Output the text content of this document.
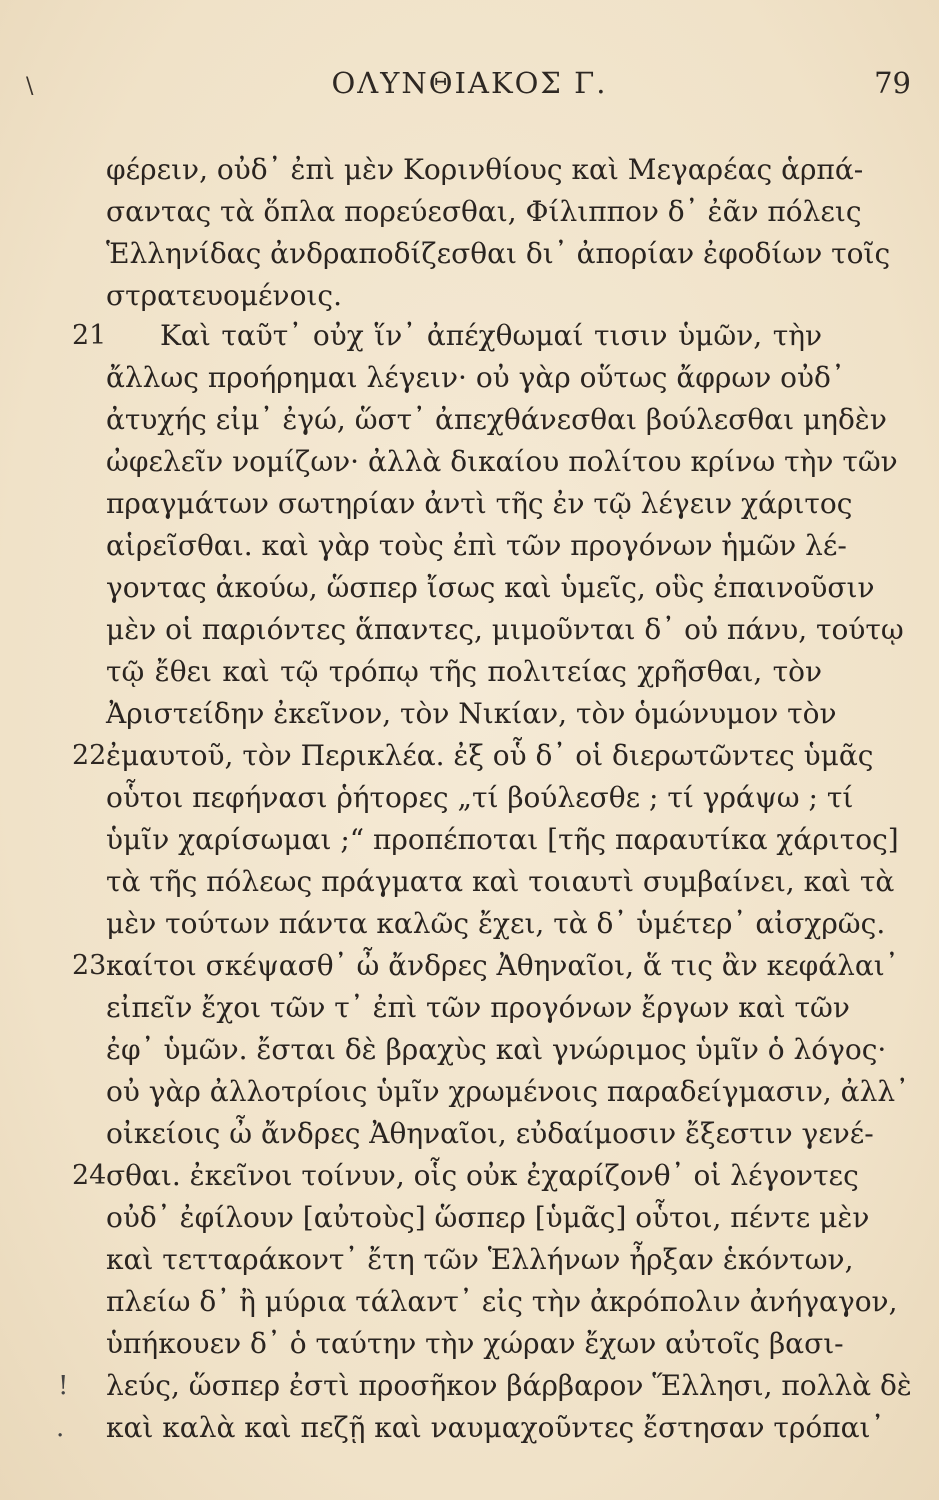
\	ΟΛΥΝΘΙΑΚΟΣ Γ.	79
φέρειν, οὐδ᾽ ἐπὶ μὲν Κορινθίους καὶ Μεγαρέας ἁρπά-
σαντας τὰ ὅπλα πορεύεσθαι, Φίλιππον δ᾽ ἐᾶν πόλεις
Ἑλληνίδας ἀνδραποδίζεσθαι δι᾽ ἀπορίαν ἐφοδίων τοῖς
στρατευομένοις.
21 Καὶ ταῦτ᾽ οὐχ ἵν᾽ ἀπέχθωμαί τισιν ὑμῶν, τὴν
ἄλλως προήρημαι λέγειν· οὐ γὰρ οὕτως ἄφρων οὐδ᾽
ἀτυχής εἰμ᾽ ἐγώ, ὥστ᾽ ἀπεχθάνεσθαι βούλεσθαι μηδὲν
ὠφελεῖν νομίζων· ἀλλὰ δικαίου πολίτου κρίνω τὴν τῶν
πραγμάτων σωτηρίαν ἀντὶ τῆς ἐν τῷ λέγειν χάριτος
αἱρεῖσθαι. καὶ γὰρ τοὺς ἐπὶ τῶν προγόνων ἡμῶν λέ-
γοντας ἀκούω, ὥσπερ ἴσως καὶ ὑμεῖς, οὓς ἐπαινοῦσιν
μὲν οἱ παριόντες ἅπαντες, μιμοῦνται δ᾽ οὐ πάνυ, τούτῳ
τῷ ἔθει καὶ τῷ τρόπῳ τῆς πολιτείας χρῆσθαι, τὸν
Ἀριστείδην ἐκεῖνον, τὸν Νικίαν, τὸν ὁμώνυμον τὸν
22 ἐμαυτοῦ, τὸν Περικλέα. ἐξ οὗ δ᾽ οἱ διερωτῶντες ὑμᾶς
οὗτοι πεφήνασι ῥήτορες „τί βούλεσθε ; τί γράψω ; τί
ὑμῖν χαρίσωμαι ;“ προπέποται [τῆς παραυτίκα χάριτος]
τὰ τῆς πόλεως πράγματα καὶ τοιαυτὶ συμβαίνει, καὶ τὰ
μὲν τούτων πάντα καλῶς ἔχει, τὰ δ᾽ ὑμέτερ᾽ αἰσχρῶς.
23 καίτοι σκέψασθ᾽ ὦ ἄνδρες Ἀθηναῖοι, ἅ τις ἂν κεφάλαι᾽
εἰπεῖν ἔχοι τῶν τ᾽ ἐπὶ τῶν προγόνων ἔργων καὶ τῶν
ἐφ᾽ ὑμῶν. ἔσται δὲ βραχὺς καὶ γνώριμος ὑμῖν ὁ λόγος·
οὐ γὰρ ἀλλοτρίοις ὑμῖν χρωμένοις παραδείγμασιν, ἀλλ᾽
οἰκείοις ὦ ἄνδρες Ἀθηναῖοι, εὐδαίμοσιν ἔξεστιν γενέ-
24 σθαι. ἐκεῖνοι τοίνυν, οἷς οὐκ ἐχαρίζονθ᾽ οἱ λέγοντες
οὐδ᾽ ἐφίλουν [αὐτοὺς] ὥσπερ [ὑμᾶς] οὗτοι, πέντε μὲν
καὶ τετταράκοντ᾽ ἔτη τῶν Ἑλλήνων ἦρξαν ἑκόντων,
πλείω δ᾽ ἢ μύρια τάλαντ᾽ εἰς τὴν ἀκρόπολιν ἀνήγαγον,
ὑπήκουεν δ᾽ ὁ ταύτην τὴν χώραν ἔχων αὐτοῖς βασι-
! λεύς, ὥσπερ ἐστὶ προσῆκον βάρβαρον Ἕλλησι, πολλὰ δὲ
. καὶ καλὰ καὶ πεζῇ καὶ ναυμαχοῦντες ἔστησαν τρόπαι᾽
